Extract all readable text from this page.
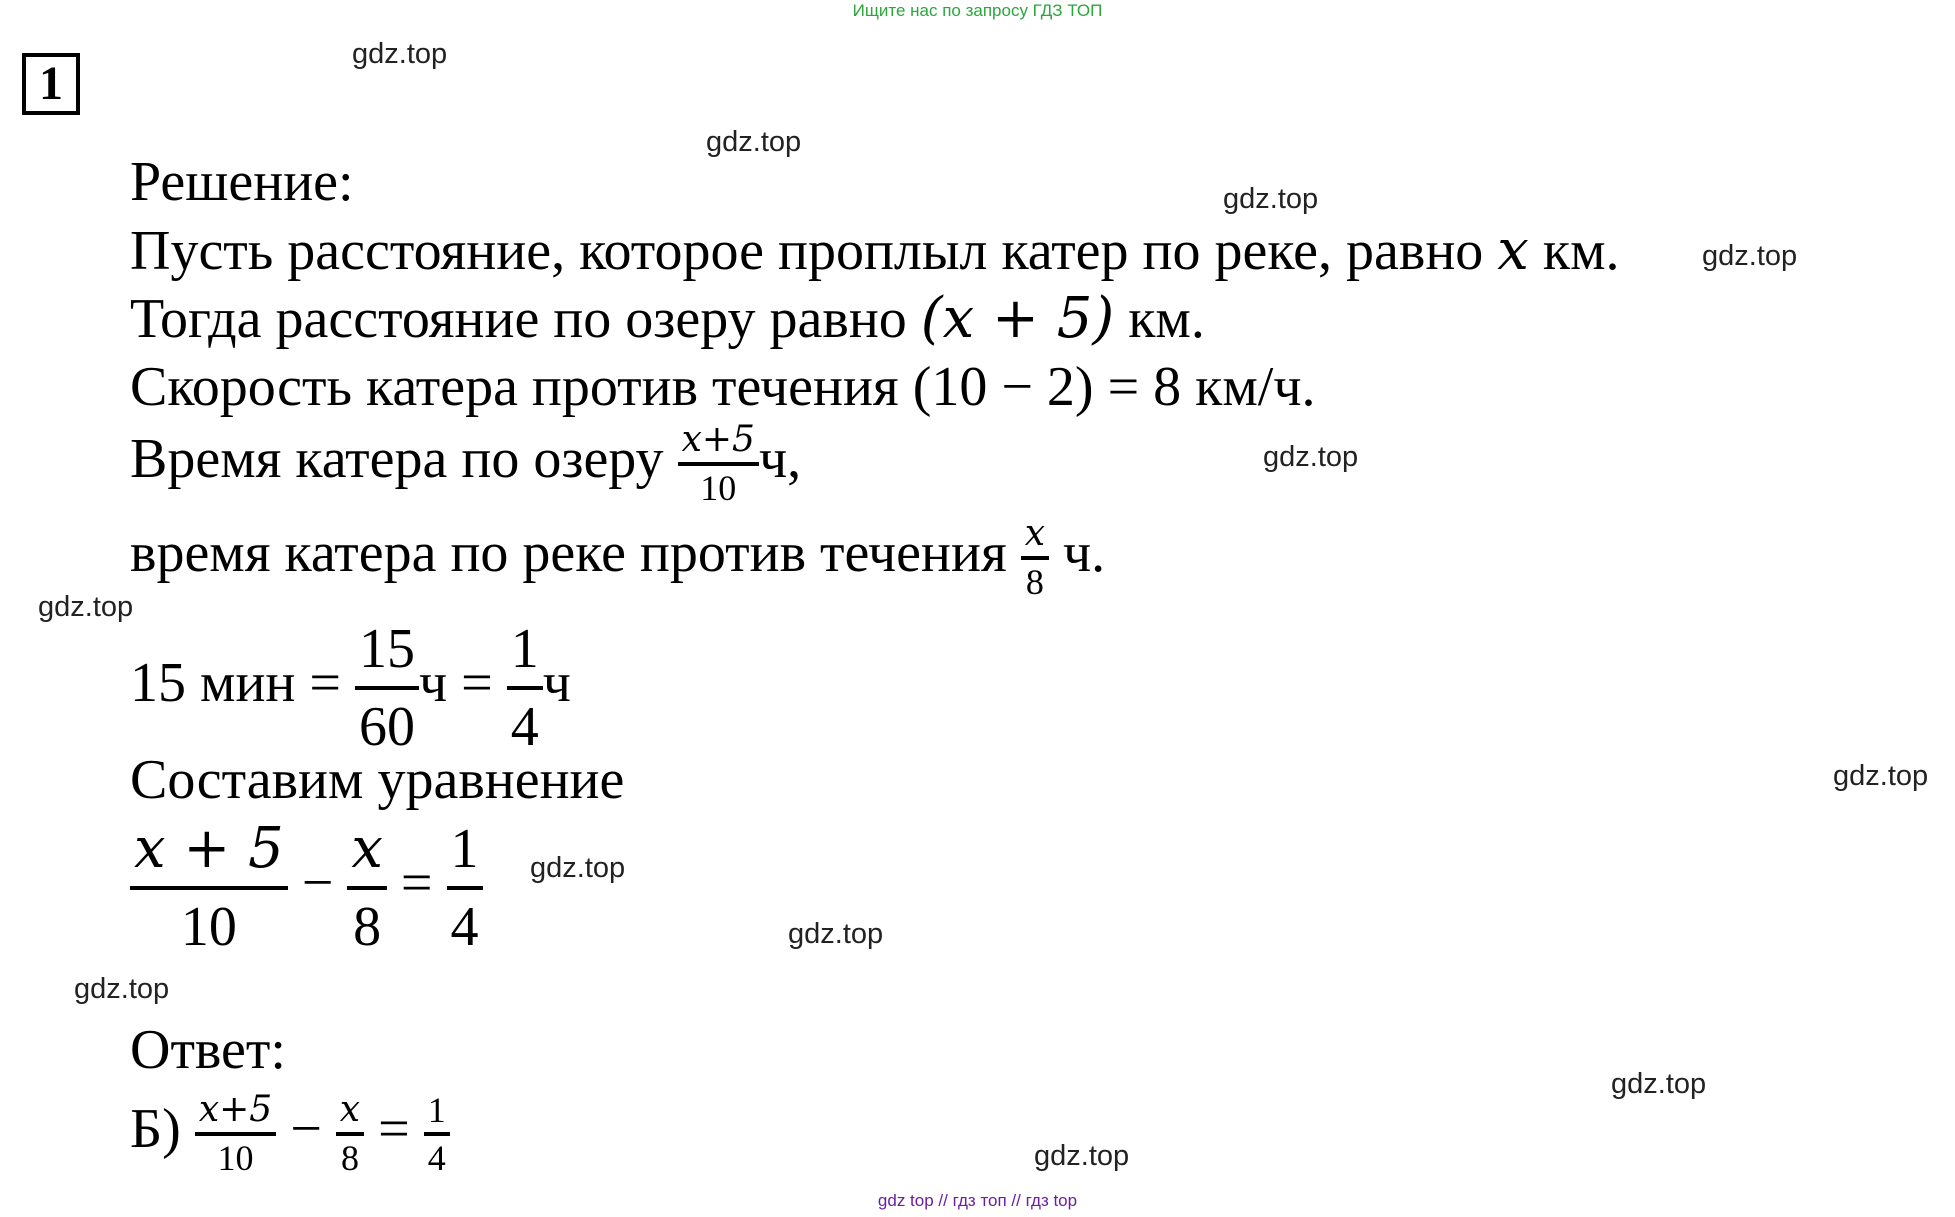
Ищите нас по запросу ГДЗ ТОП
1
gdz.top
gdz.top
gdz.top
gdz.top
gdz.top
gdz.top
gdz.top
gdz.top
gdz.top
gdz.top
gdz.top
gdz.top
Решение:
Пусть расстояние, которое проплыл катер по реке, равно x км.
Тогда расстояние по озеру равно (x + 5) км.
Скорость катера против течения (10 − 2) = 8 км/ч.
Время катера по озеру $\frac{x+5}{10} ч$,
время катера по реке против течения $\frac{x}{8} ч$.
15 мин = $\frac{15}{60}$ $ч = \frac{1}{4}$ ч
Составим уравнение
$\frac{x + 5}{10} - \frac{x}{8} = \frac{1}{4}$
Ответ:
$Б) \frac{x+5}{10} - \frac{x}{8} = \frac{1}{4}$
gdz top // гдз топ // гдз top
